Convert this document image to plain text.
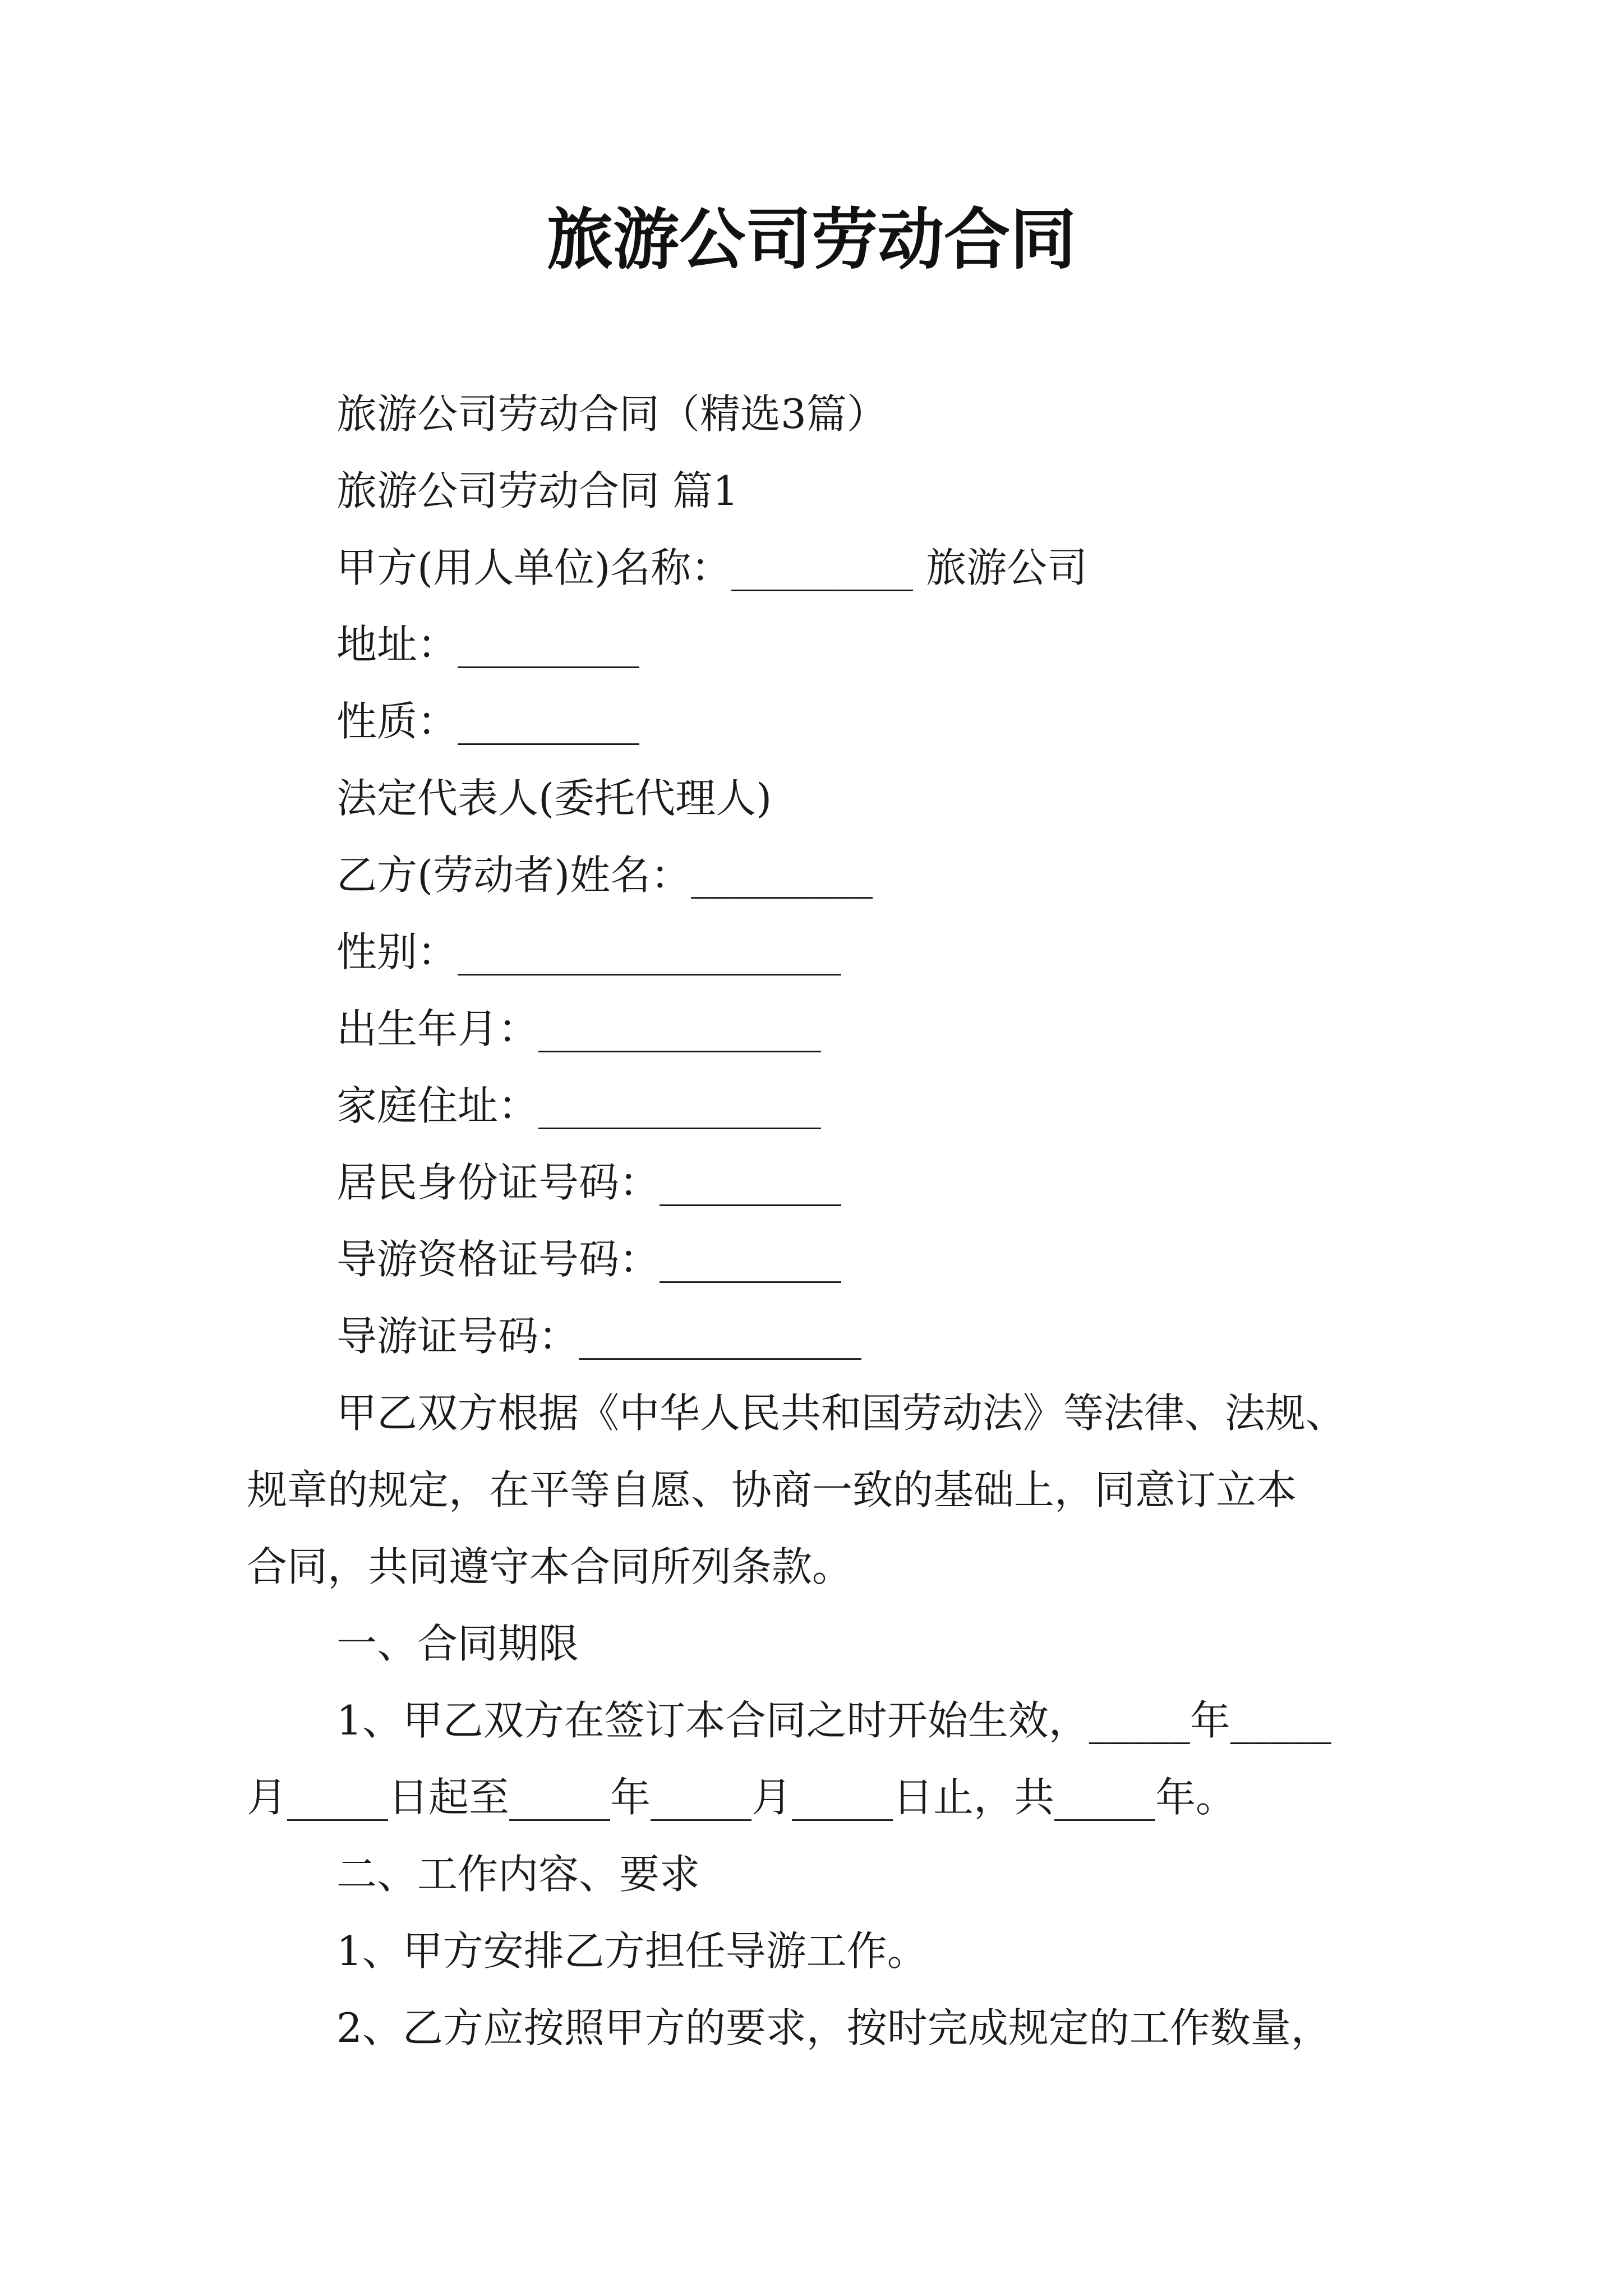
旅游公司劳动合同
旅游公司劳动合同（精选3篇）
旅游公司劳动合同 篇1
甲方(用人单位)名称：_________ 旅游公司
地址：_________
性质：_________
法定代表人(委托代理人)
乙方(劳动者)姓名：_________
性别：___________________
出生年月：______________
家庭住址：______________
居民身份证号码：_________
导游资格证号码：_________
导游证号码：______________
甲乙双方根据《中华人民共和国劳动法》等法律、法规、
规章的规定，在平等自愿、协商一致的基础上，同意订立本
合同，共同遵守本合同所列条款。
一、合同期限
1、甲乙双方在签订本合同之时开始生效，_____年_____
月_____日起至_____年_____月_____日止，共_____年。
二、工作内容、要求
1、甲方安排乙方担任导游工作。
2、乙方应按照甲方的要求，按时完成规定的工作数量，
